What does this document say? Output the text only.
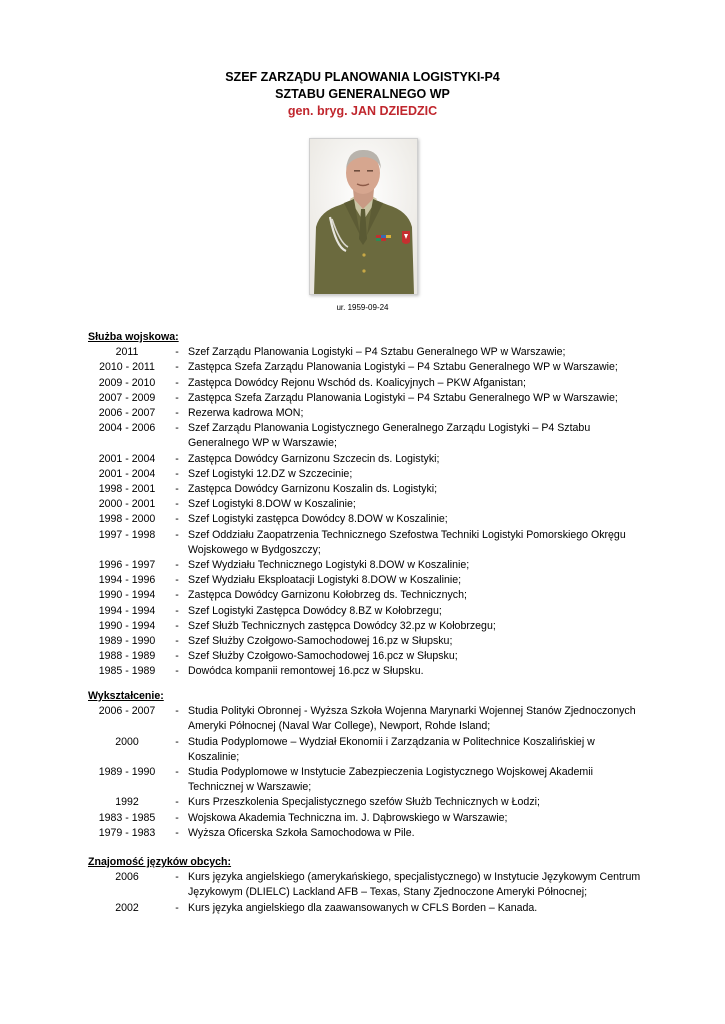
SZEF ZARZĄDU PLANOWANIA LOGISTYKI-P4
SZTABU GENERALNEGO WP
gen. bryg. JAN DZIEDZIC
ur. 1959-09-24
Służba wojskowa:
2011	- Szef Zarządu Planowania Logistyki – P4 Sztabu Generalnego WP w Warszawie;
2010 - 2011	- Zastępca Szefa Zarządu Planowania Logistyki – P4 Sztabu Generalnego WP w Warszawie;
2009 - 2010	- Zastępca Dowódcy Rejonu Wschód ds. Koalicyjnych – PKW Afganistan;
2007 - 2009	- Zastępca Szefa Zarządu Planowania Logistyki – P4 Sztabu Generalnego WP w Warszawie;
2006 - 2007	- Rezerwa kadrowa MON;
2004 - 2006	- Szef Zarządu Planowania Logistycznego Generalnego Zarządu Logistyki – P4 Sztabu Generalnego WP w Warszawie;
2001 - 2004	- Zastępca Dowódcy Garnizonu Szczecin ds. Logistyki;
2001 - 2004	- Szef Logistyki 12.DZ w Szczecinie;
1998 - 2001	- Zastępca Dowódcy Garnizonu Koszalin ds. Logistyki;
2000 - 2001	- Szef Logistyki 8.DOW w Koszalinie;
1998 - 2000	- Szef Logistyki zastępca Dowódcy 8.DOW w Koszalinie;
1997 - 1998	- Szef Oddziału Zaopatrzenia Technicznego Szefostwa Techniki Logistyki Pomorskiego Okręgu Wojskowego w Bydgoszczy;
1996 - 1997	- Szef Wydziału Technicznego Logistyki 8.DOW w Koszalinie;
1994 - 1996	- Szef Wydziału Eksploatacji Logistyki 8.DOW w Koszalinie;
1990 - 1994	- Zastępca Dowódcy Garnizonu Kołobrzeg ds. Technicznych;
1994 - 1994	- Szef Logistyki Zastępca Dowódcy 8.BZ w Kołobrzegu;
1990 - 1994	- Szef Służb Technicznych zastępca Dowódcy 32.pz w Kołobrzegu;
1989 - 1990	- Szef Służby Czołgowo-Samochodowej 16.pz w Słupsku;
1988 - 1989	- Szef Służby Czołgowo-Samochodowej 16.pcz w Słupsku;
1985 - 1989	- Dowódca kompanii remontowej 16.pcz w Słupsku.
Wykształcenie:
2006 - 2007	- Studia Polityki Obronnej - Wyższa Szkoła Wojenna Marynarki Wojennej Stanów Zjednoczonych Ameryki Północnej (Naval War College), Newport, Rohde Island;
2000	- Studia Podyplomowe – Wydział Ekonomii i Zarządzania w Politechnice Koszalińskiej w Koszalinie;
1989 - 1990	- Studia Podyplomowe w Instytucie Zabezpieczenia Logistycznego Wojskowej Akademii Technicznej w Warszawie;
1992	- Kurs Przeszkolenia Specjalistycznego szefów Służb Technicznych w Łodzi;
1983 - 1985	- Wojskowa Akademia Techniczna im. J. Dąbrowskiego w Warszawie;
1979 - 1983	- Wyższa Oficerska Szkoła Samochodowa w Pile.
Znajomość języków obcych:
2006	- Kurs języka angielskiego (amerykańskiego, specjalistycznego) w Instytucie Językowym Centrum Językowym (DLIELC) Lackland AFB – Texas, Stany Zjednoczone Ameryki Północnej;
2002	- Kurs języka angielskiego dla zaawansowanych w CFLS Borden – Kanada.
